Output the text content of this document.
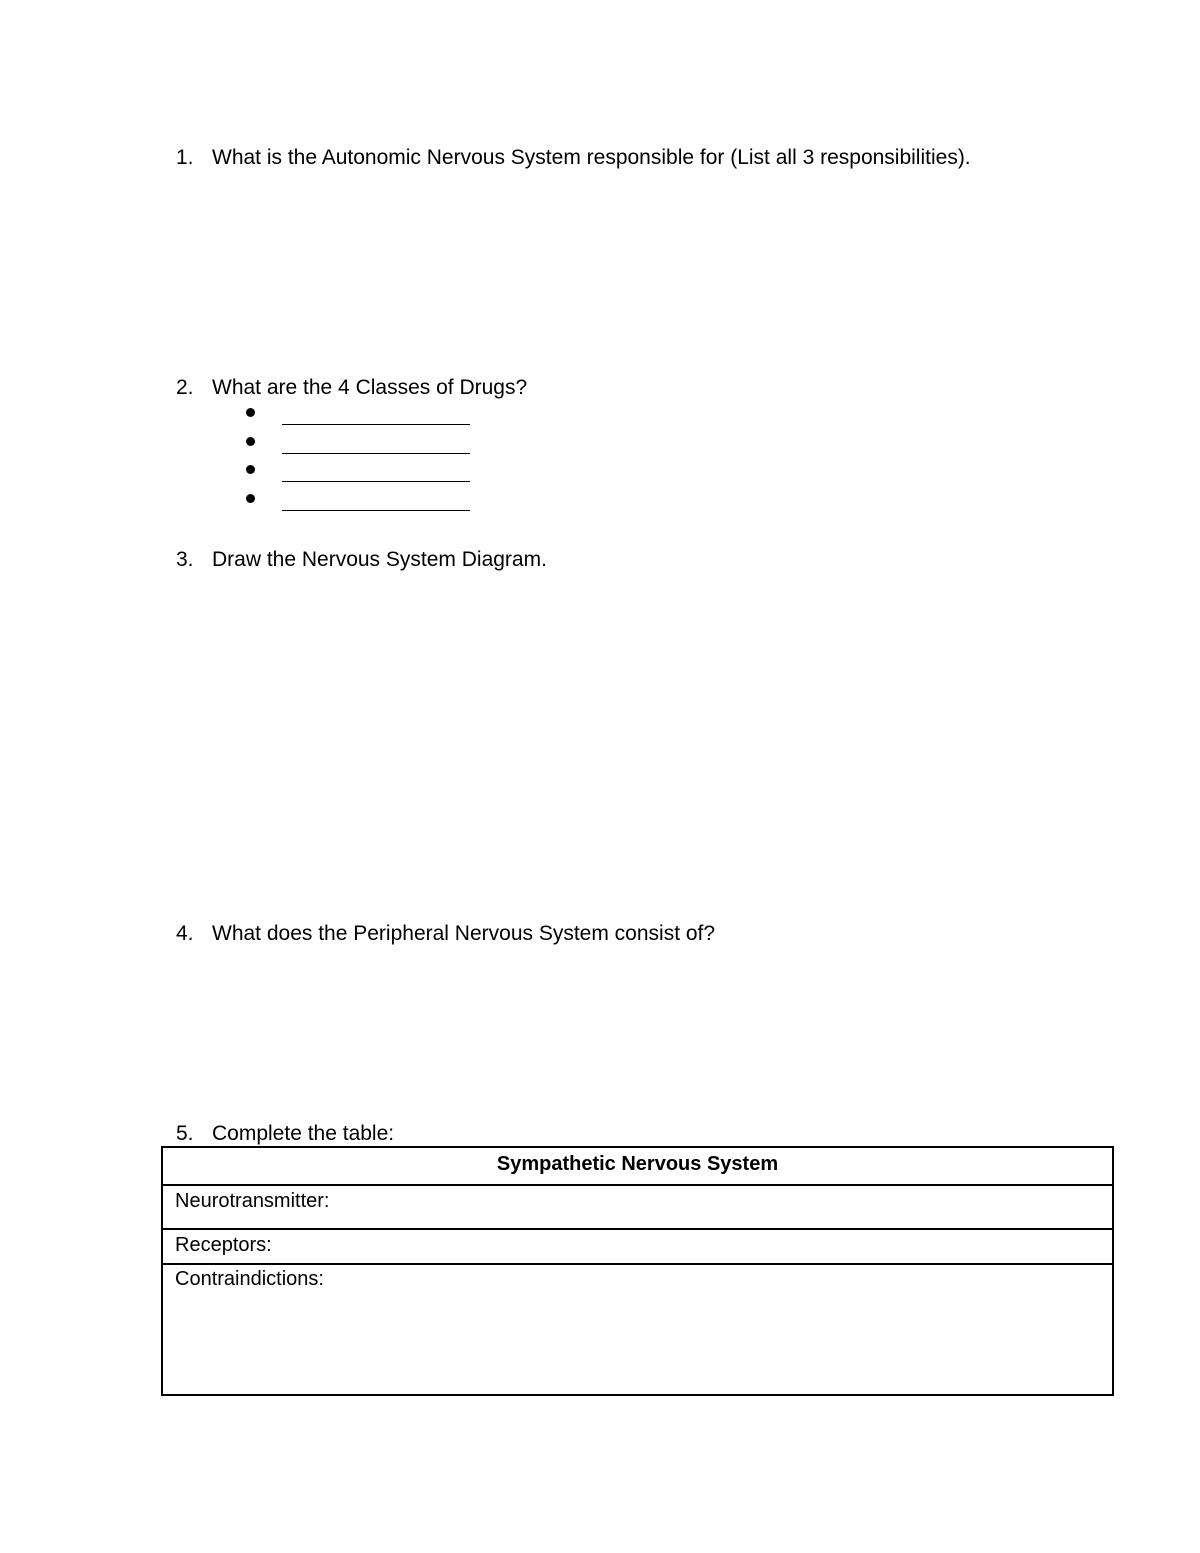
1. What is the Autonomic Nervous System responsible for (List all 3 responsibilities).
2. What are the 4 Classes of Drugs?
3. Draw the Nervous System Diagram.
4. What does the Peripheral Nervous System consist of?
5. Complete the table:
Sympathetic Nervous System
Neurotransmitter:
Receptors:
Contraindictions:
